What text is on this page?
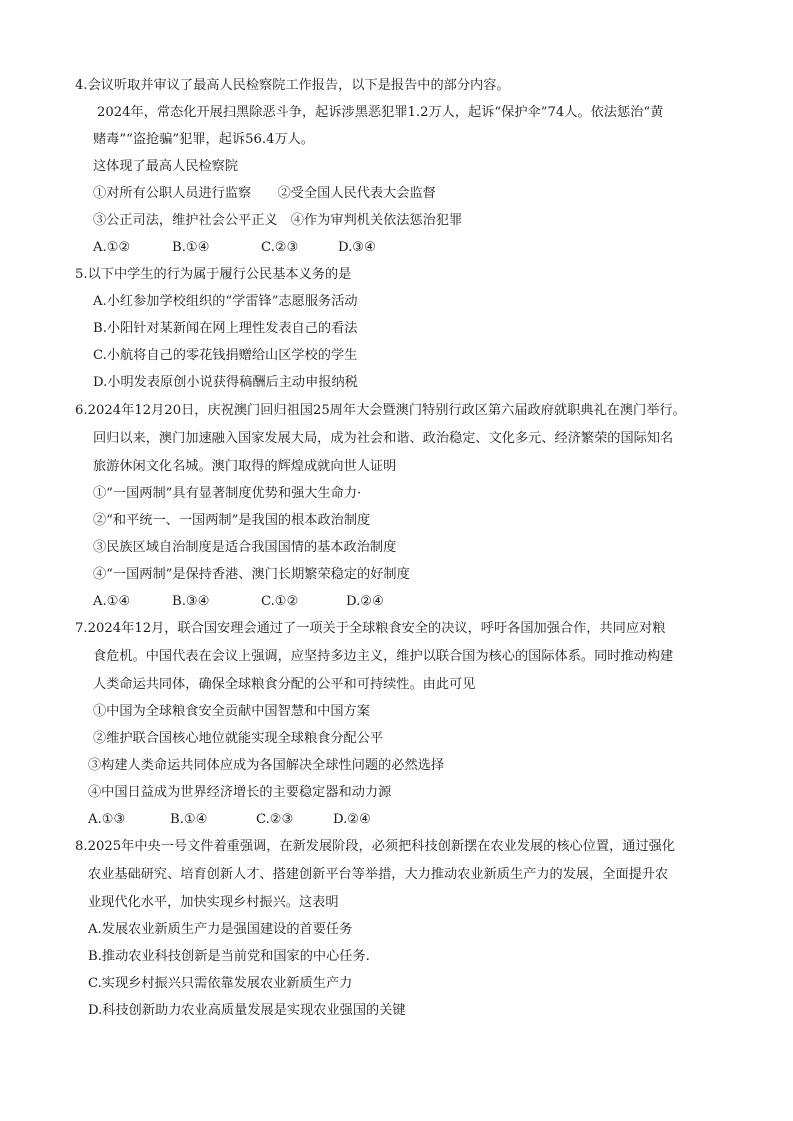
4.会议听取并审议了最高人民检察院工作报告，以下是报告中的部分内容。
2024年，常态化开展扫黑除恶斗争，起诉涉黑恶犯罪1.2万人，起诉“保护伞”74人。依法惩治“黄
赌毒”“盗抢骗”犯罪，起诉56.4万人。
这体现了最高人民检察院
①对所有公职人员进行监察　　②受全国人民代表大会监督
③公正司法，维护社会公平正义　④作为审判机关依法惩治犯罪
A.①②	B.①④	C.②③	D.③④
5.以下中学生的行为属于履行公民基本义务的是
A.小红参加学校组织的“学雷锋”志愿服务活动
B.小阳针对某新闻在网上理性发表自己的看法
C.小航将自己的零花钱捐赠给山区学校的学生
D.小明发表原创小说获得稿酬后主动申报纳税
6.2024年12月20日，庆祝澳门回归祖国25周年大会暨澳门特别行政区第六届政府就职典礼在澳门举行。
回归以来，澳门加速融入国家发展大局，成为社会和谐、政治稳定、文化多元、经济繁荣的国际知名
旅游休闲文化名城。澳门取得的辉煌成就向世人证明
①“一国两制”具有显著制度优势和强大生命力·
②“和平统一、一国两制”是我国的根本政治制度
③民族区域自治制度是适合我国国情的基本政治制度
④“一国两制”是保持香港、澳门长期繁荣稳定的好制度
A.①④	B.③④	C.①②	D.②④
7.2024年12月，联合国安理会通过了一项关于全球粮食安全的决议，呼吁各国加强合作，共同应对粮
食危机。中国代表在会议上强调，应坚持多边主义，维护以联合国为核心的国际体系。同时推动构建
人类命运共同体，确保全球粮食分配的公平和可持续性。由此可见
①中国为全球粮食安全贡献中国智慧和中国方案
②维护联合国核心地位就能实现全球粮食分配公平
③构建人类命运共同体应成为各国解决全球性问题的必然选择
④中国日益成为世界经济增长的主要稳定器和动力源
A.①③	B.①④	C.②③	D.②④
8.2025年中央一号文件着重强调，在新发展阶段，必须把科技创新摆在农业发展的核心位置，通过强化
农业基础研究、培育创新人才、搭建创新平台等举措，大力推动农业新质生产力的发展，全面提升农
业现代化水平，加快实现乡村振兴。这表明
A.发展农业新质生产力是强国建设的首要任务
B.推动农业科技创新是当前党和国家的中心任务.
C.实现乡村振兴只需依靠发展农业新质生产力
D.科技创新助力农业高质量发展是实现农业强国的关键
